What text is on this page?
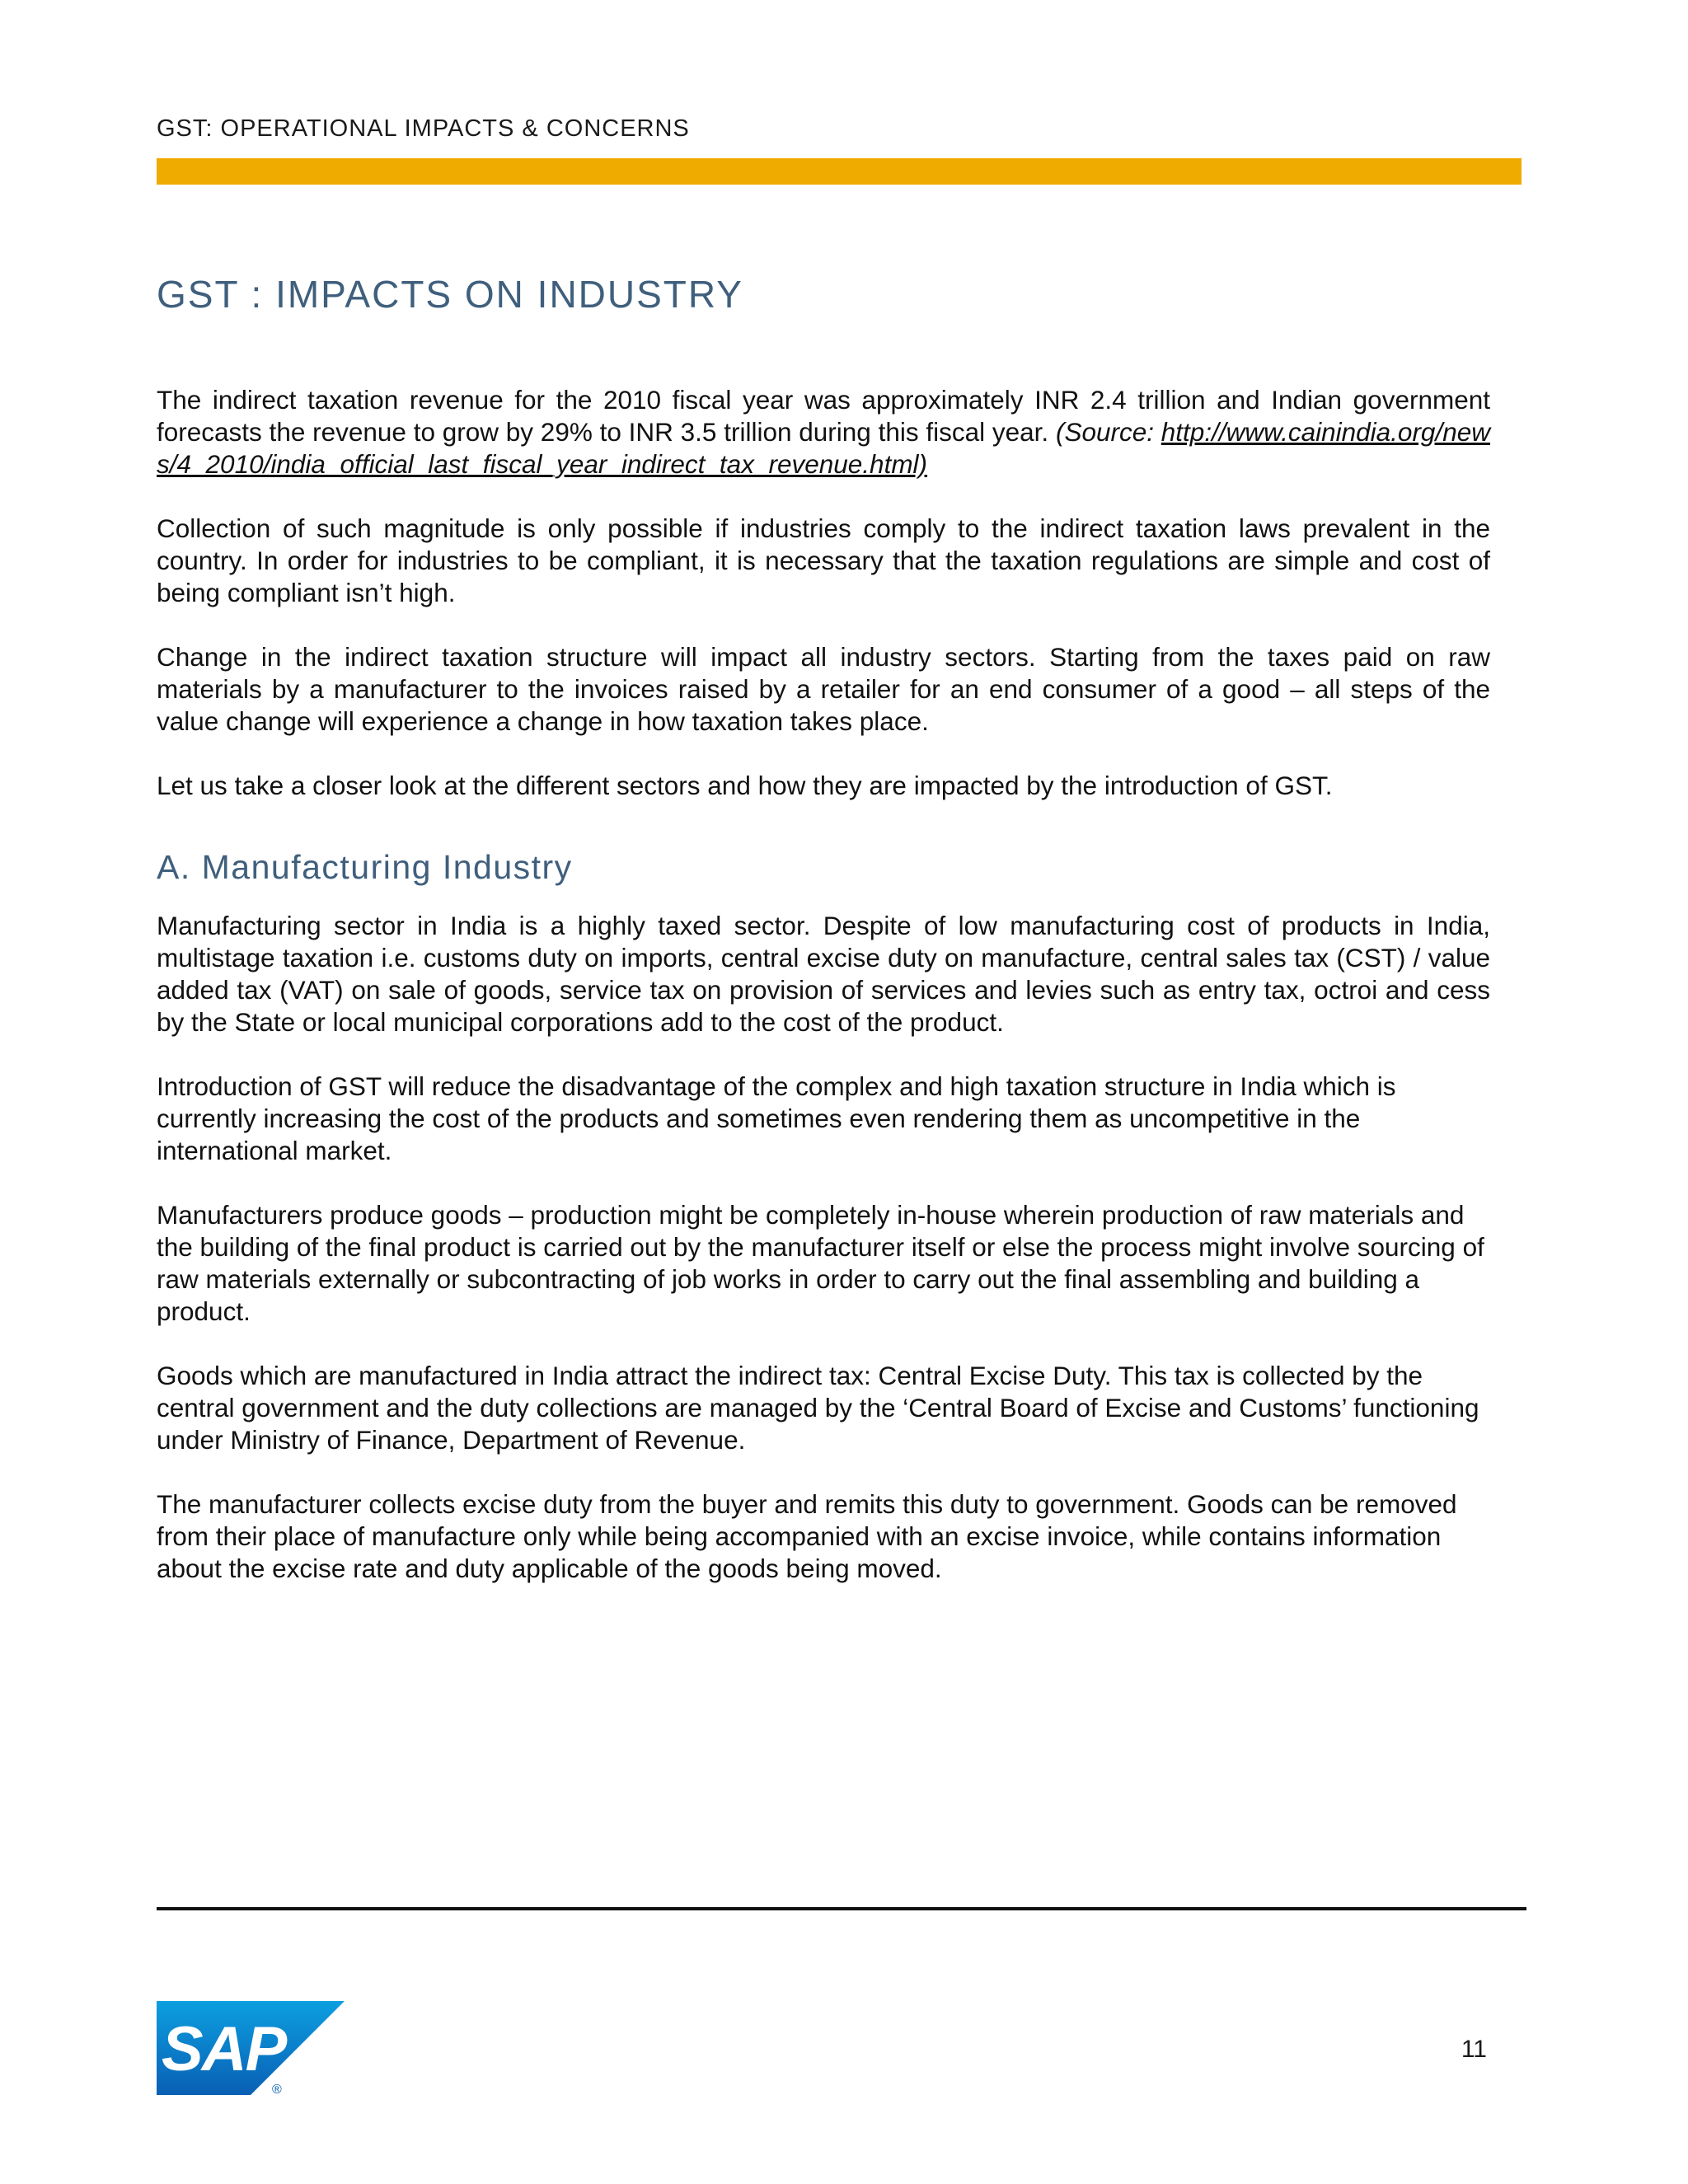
GST: OPERATIONAL IMPACTS & CONCERNS
GST : IMPACTS ON INDUSTRY

The indirect taxation revenue for the 2010 fiscal year was approximately INR 2.4 trillion and Indian government forecasts the revenue to grow by 29% to INR 3.5 trillion during this fiscal year. (Source: http://www.cainindia.org/news/4_2010/india_official_last_fiscal_year_indirect_tax_revenue.html)

Collection of such magnitude is only possible if industries comply to the indirect taxation laws prevalent in the country. In order for industries to be compliant, it is necessary that the taxation regulations are simple and cost of being compliant isn’t high.

Change in the indirect taxation structure will impact all industry sectors. Starting from the taxes paid on raw materials by a manufacturer to the invoices raised by a retailer for an end consumer of a good – all steps of the value change will experience a change in how taxation takes place.

Let us take a closer look at the different sectors and how they are impacted by the introduction of GST.

A. Manufacturing Industry

Manufacturing sector in India is a highly taxed sector. Despite of low manufacturing cost of products in India, multistage taxation i.e. customs duty on imports, central excise duty on manufacture, central sales tax (CST) / value added tax (VAT) on sale of goods, service tax on provision of services and levies such as entry tax, octroi and cess by the State or local municipal corporations add to the cost of the product.

Introduction of GST will reduce the disadvantage of the complex and high taxation structure in India which is currently increasing the cost of the products and sometimes even rendering them as uncompetitive in the international market.

Manufacturers produce goods – production might be completely in-house wherein production of raw materials and the building of the final product is carried out by the manufacturer itself or else the process might involve sourcing of raw materials externally or subcontracting of job works in order to carry out the final assembling and building a product.

Goods which are manufactured in India attract the indirect tax: Central Excise Duty. This tax is collected by the central government and the duty collections are managed by the ‘Central Board of Excise and Customs’ functioning under Ministry of Finance, Department of Revenue.

The manufacturer collects excise duty from the buyer and remits this duty to government. Goods can be removed from their place of manufacture only while being accompanied with an excise invoice, while contains information about the excise rate and duty applicable of the goods being moved.

SAP
®
11
